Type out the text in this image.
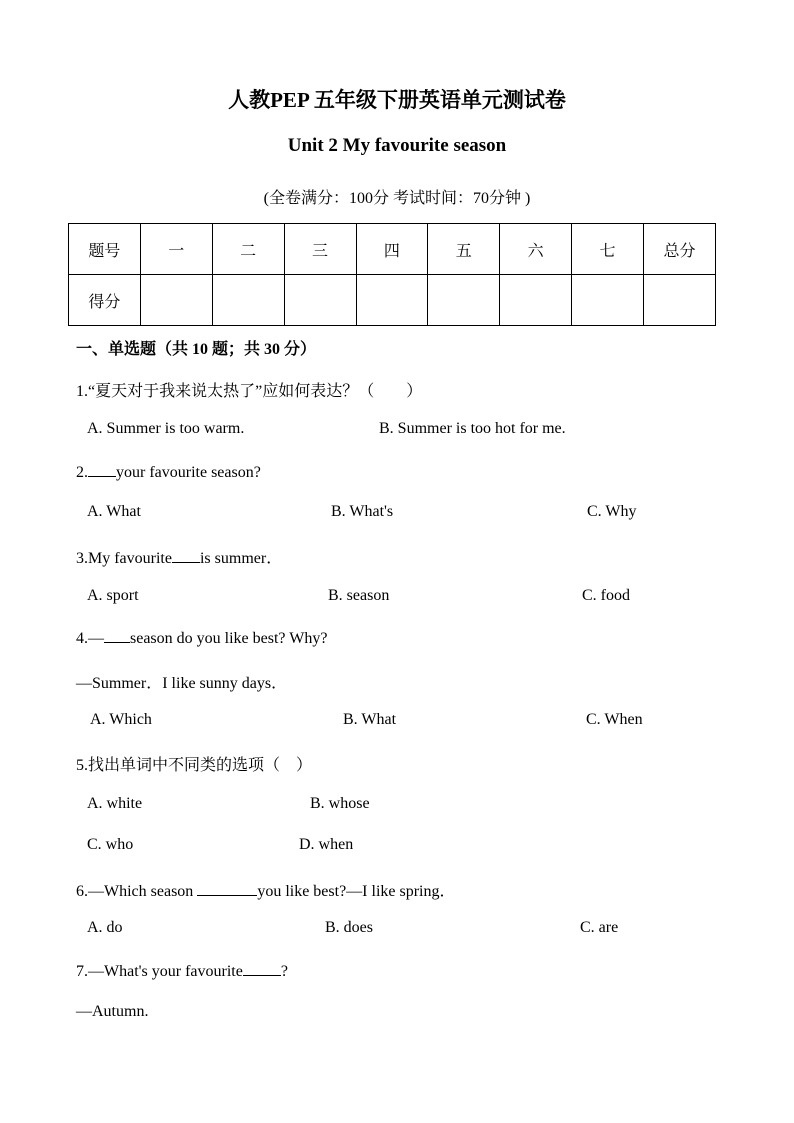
人教PEP 五年级下册英语单元测试卷
Unit 2 My favourite season
(全卷满分：100分 考试时间：70分钟 )
题号	一	二	三	四	五	六	七	总分
得分								
一、单选题（共 10 题；共 30 分）
1.“夏天对于我来说太热了”应如何表达？（　　）
A. Summer is too warm.	B. Summer is too hot for me.
2. your favourite season?
A. What	B. What's	C. Why
3.My favourite is summer．
A. sport	B. season	C. food
4.— season do you like best? Why?
—Summer．I like sunny days．
A. Which	B. What	C. When
5.找出单词中不同类的选项（　）
A. white	B. whose
C. who	D. when
6.—Which season	you like best?—I like spring．
A. do	B. does	C. are
7.—What's your favourite ?
—Autumn.
